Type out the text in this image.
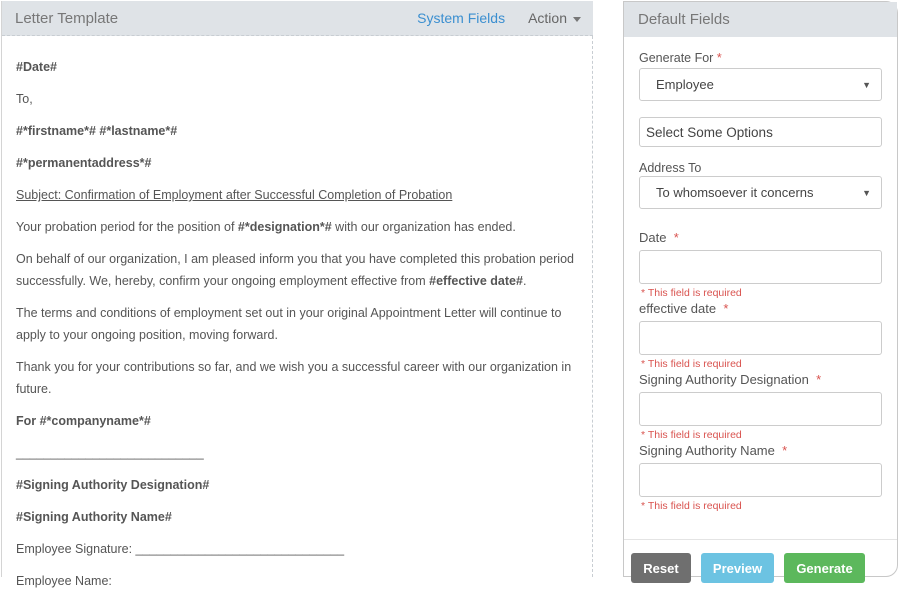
Letter Template	System Fields Action

#Date#

To,

#*firstname*# #*lastname*#

#*permanentaddress*#

Subject: Confirmation of Employment after Successful Completion of Probation

Your probation period for the position of #*designation*# with our organization has ended.

On behalf of our organization, I am pleased inform you that you have completed this probation period successfully. We, hereby, confirm your ongoing employment effective from #effective date#.

The terms and conditions of employment set out in your original Appointment Letter will continue to apply to your ongoing position, moving forward.

Thank you for your contributions so far, and we wish you a successful career with our organization in future.

For #*companyname*#

___________________________

#Signing Authority Designation#

#Signing Authority Name#

Employee Signature: ______________________________

Employee Name:

Default Fields
Generate For *
Employee	▼
Select Some Options
Address To
To whomsoever it concerns	▼
Date *
* This field is required
effective date *
* This field is required
Signing Authority Designation *
* This field is required
Signing Authority Name *
* This field is required
Reset	Preview	Generate
